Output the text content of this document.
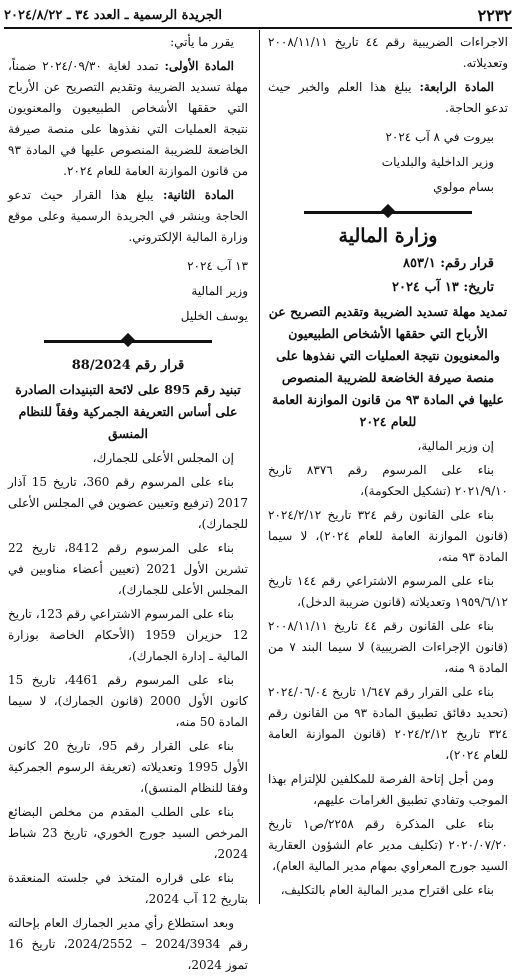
٢٢٣٢
الجريدة الرسمية ـ العدد ٣٤ ـ ٢٠٢٤/٨/٢٢

الاجراءات الضريبية رقم ٤٤ تاريخ ٢٠٠٨/١١/١١ وتعديلاته.

المادة الرابعة: يبلغ هذا العلم والخبر حيث تدعو الحاجة.

بيروت في ٨ آب ٢٠٢٤

وزير الداخلية والبلديات

بسام مولوي

وزارة المالية

قرار رقم: ٨٥٣/١

تاريخ: ١٣ آب ٢٠٢٤

تمديد مهلة تسديد الضريبة وتقديم التصريح عن الأرباح التي حققها الأشخاص الطبيعيون والمعنويون نتيجة العمليات التي نفذوها على منصة صيرفة الخاضعة للضريبة المنصوص عليها في المادة ٩٣ من قانون الموازنة العامة للعام ٢٠٢٤

إن وزير المالية،

بناء على المرسوم رقم ٨٣٧٦ تاريخ ٢٠٢١/٩/١٠ (تشكيل الحكومة)،

بناء على القانون رقم ٣٢٤ تاريخ ٢٠٢٤/٢/١٢ (قانون الموازنة العامة للعام ٢٠٢٤)، لا سيما المادة ٩٣ منه،

بناء على المرسوم الاشتراعي رقم ١٤٤ تاريخ ١٩٥٩/٦/١٢ وتعديلاته (قانون ضريبة الدخل)،

بناء على القانون رقم ٤٤ تاريخ ٢٠٠٨/١١/١١ (قانون الإجراءات الضريبية) لا سيما البند ٧ من المادة ٩ منه،

بناء على القرار رقم ١/٦٤٧ تاريخ ٢٠٢٤/٠٦/٠٤ (تحديد دقائق تطبيق المادة ٩٣ من القانون رقم ٣٢٤ تاريخ ٢٠٢٤/٢/١٢ (قانون الموازنة العامة للعام ٢٠٢٤)،

ومن أجل إتاحة الفرصة للمكلفين للإلتزام بهذا الموجب وتفادي تطبيق الغرامات عليهم،

بناء على المذكرة رقم ٢٢٥٨/ص١ تاريخ ٢٠٢٠/٠٧/٢٠ (تكليف مدير عام الشؤون العقارية السيد جورج المعراوي بمهام مدير المالية العام)،

بناء على اقتراح مدير المالية العام بالتكليف،

يقرر ما يأتي:

المادة الأولى: تمدد لغاية ٢٠٢٤/٠٩/٣٠ ضمناً، مهلة تسديد الضريبة وتقديم التصريح عن الأرباح التي حققها الأشخاص الطبيعيون والمعنويون نتيجة العمليات التي نفذوها على منصة صيرفة الخاضعة للضريبة المنصوص عليها في المادة ٩٣ من قانون الموازنة العامة للعام ٢٠٢٤.

المادة الثانية: يبلغ هذا القرار حيث تدعو الحاجة وينشر في الجريدة الرسمية وعلى موقع وزارة المالية الإلكتروني.

١٣ آب ٢٠٢٤

وزير المالية

يوسف الخليل

قرار رقم 88/2024

تبنيد رقم 895 على لائحة التبنيدات الصادرة على أساس التعريفة الجمركية وفقاً للنظام المنسق

إن المجلس الأعلى للجمارك،

بناء على المرسوم رقم 360، تاريخ 15 آذار 2017 (ترفيع وتعيين عضوين في المجلس الأعلى للجمارك)،

بناء على المرسوم رقم 8412، تاريخ 22 تشرين الأول 2021 (تعيين أعضاء مناوبين في المجلس الأعلى للجمارك)،

بناء على المرسوم الاشتراعي رقم 123، تاريخ 12 حزيران 1959 (الأحكام الخاصة بوزارة المالية ـ إدارة الجمارك)،

بناء على المرسوم رقم 4461، تاريخ 15 كانون الأول 2000 (قانون الجمارك)، لا سيما المادة 50 منه،

بناء على القرار رقم 95، تاريخ 20 كانون الأول 1995 وتعديلاته (تعريفة الرسوم الجمركية وفقا للنظام المنسق)،

بناء على الطلب المقدم من مخلص البضائع المرخص السيد جورج الخوري، تاريخ 23 شباط 2024،

بناء على قراره المتخذ في جلسته المنعقدة بتاريخ 12 آب 2024،

وبعد استطلاع رأي مدير الجمارك العام بإحالته رقم 2024/3934 – 2024/2552، تاريخ 16 تموز 2024،
